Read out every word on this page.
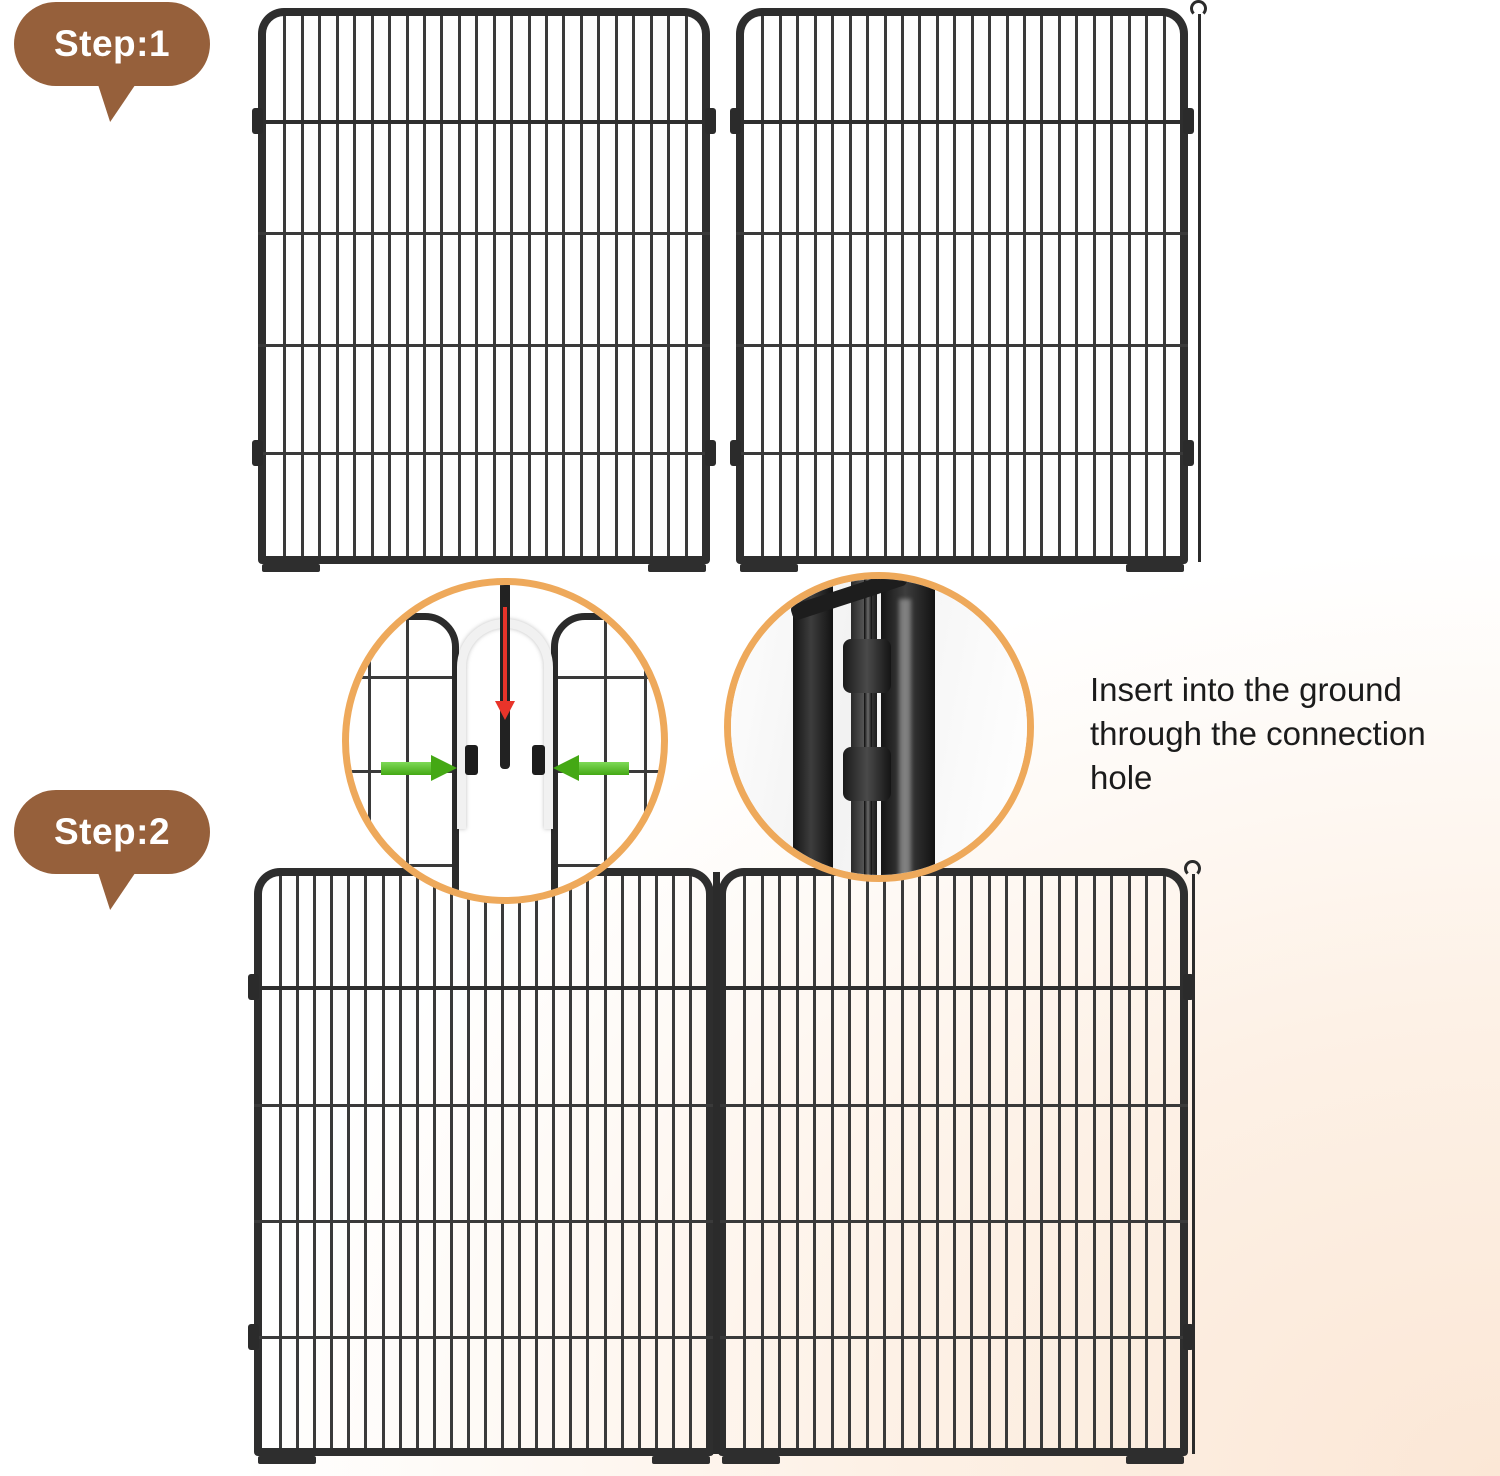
Step:1
Insert into the ground through the connection hole
Step:2
